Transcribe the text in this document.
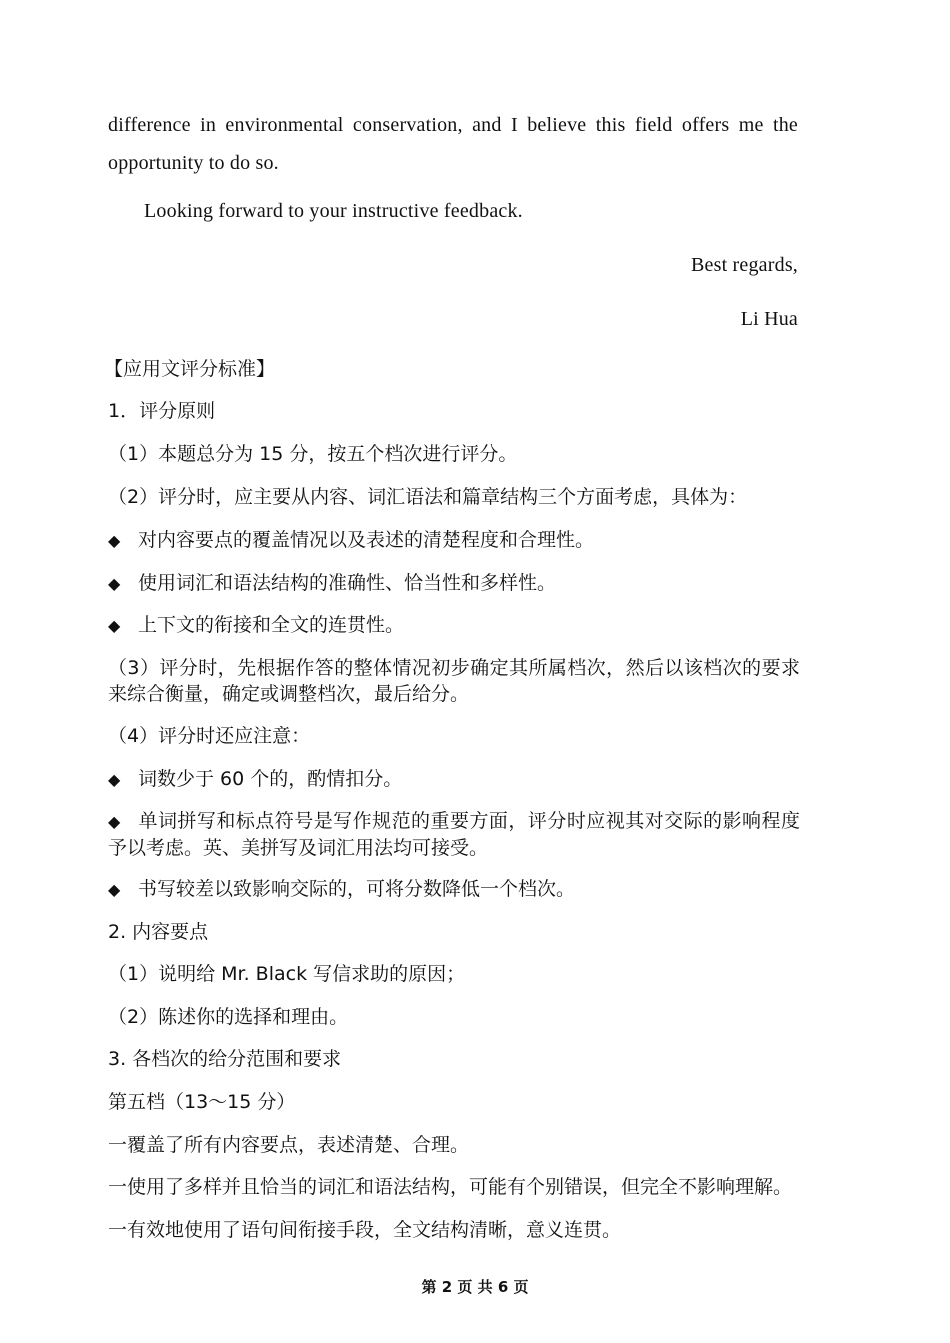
difference in environmental conservation, and I believe this field offers me the opportunity to do so.
Looking forward to your instructive feedback.
Best regards,
Li Hua
【应用文评分标准】
1．评分原则
（1）本题总分为 15 分，按五个档次进行评分。
（2）评分时，应主要从内容、词汇语法和篇章结构三个方面考虑，具体为：
◆ 对内容要点的覆盖情况以及表述的清楚程度和合理性。
◆ 使用词汇和语法结构的准确性、恰当性和多样性。
◆ 上下文的衔接和全文的连贯性。
（3）评分时，先根据作答的整体情况初步确定其所属档次，然后以该档次的要求来综合衡量，确定或调整档次，最后给分。
（4）评分时还应注意：
◆ 词数少于 60 个的，酌情扣分。
◆ 单词拼写和标点符号是写作规范的重要方面，评分时应视其对交际的影响程度予以考虑。英、美拼写及词汇用法均可接受。
◆ 书写较差以致影响交际的，可将分数降低一个档次。
2. 内容要点
（1）说明给 Mr. Black 写信求助的原因；
（2）陈述你的选择和理由。
3. 各档次的给分范围和要求
第五档（13～15 分）
一覆盖了所有内容要点，表述清楚、合理。
一使用了多样并且恰当的词汇和语法结构，可能有个别错误，但完全不影响理解。
一有效地使用了语句间衔接手段，全文结构清晰，意义连贯。
第 2 页 共 6 页
